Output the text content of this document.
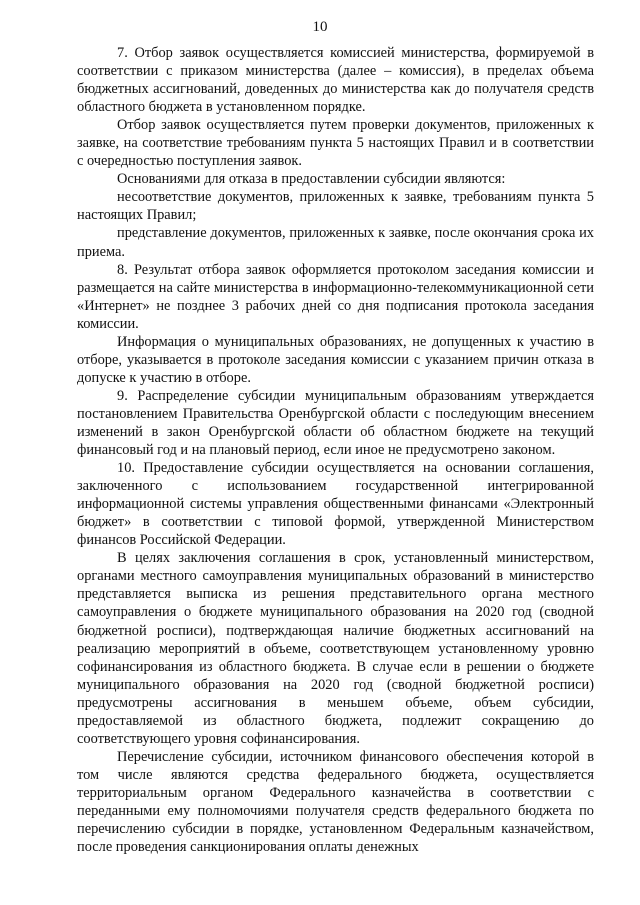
10

7. Отбор заявок осуществляется комиссией министерства, формируемой в соответствии с приказом министерства (далее – комиссия), в пределах объема бюджетных ассигнований, доведенных до министерства как до получателя средств областного бюджета в установленном порядке.

Отбор заявок осуществляется путем проверки документов, приложенных к заявке, на соответствие требованиям пункта 5 настоящих Правил и в соответствии с очередностью поступления заявок.

Основаниями для отказа в предоставлении субсидии являются:

несоответствие документов, приложенных к заявке, требованиям пункта 5 настоящих Правил;

представление документов, приложенных к заявке, после окончания срока их приема.

8. Результат отбора заявок оформляется протоколом заседания комиссии и размещается на сайте министерства в информационно-телекоммуникационной сети «Интернет» не позднее 3 рабочих дней со дня подписания протокола заседания комиссии.

Информация о муниципальных образованиях, не допущенных к участию в отборе, указывается в протоколе заседания комиссии с указанием причин отказа в допуске к участию в отборе.

9. Распределение субсидии муниципальным образованиям утверждается постановлением Правительства Оренбургской области с последующим внесением изменений в закон Оренбургской области об областном бюджете на текущий финансовый год и на плановый период, если иное не предусмотрено законом.

10. Предоставление субсидии осуществляется на основании соглашения, заключенного с использованием государственной интегрированной информационной системы управления общественными финансами «Электронный бюджет» в соответствии с типовой формой, утвержденной Министерством финансов Российской Федерации.

В целях заключения соглашения в срок, установленный министерством, органами местного самоуправления муниципальных образований в министерство представляется выписка из решения представительного органа местного самоуправления о бюджете муниципального образования на 2020 год (сводной бюджетной росписи), подтверждающая наличие бюджетных ассигнований на реализацию мероприятий в объеме, соответствующем установленному уровню софинансирования из областного бюджета. В случае если в решении о бюджете муниципального образования на 2020 год (сводной бюджетной росписи) предусмотрены ассигнования в меньшем объеме, объем субсидии, предоставляемой из областного бюджета, подлежит сокращению до соответствующего уровня софинансирования.

Перечисление субсидии, источником финансового обеспечения которой в том числе являются средства федерального бюджета, осуществляется территориальным органом Федерального казначейства в соответствии с переданными ему полномочиями получателя средств федерального бюджета по перечислению субсидии в порядке, установленном Федеральным казначейством, после проведения санкционирования оплаты денежных
